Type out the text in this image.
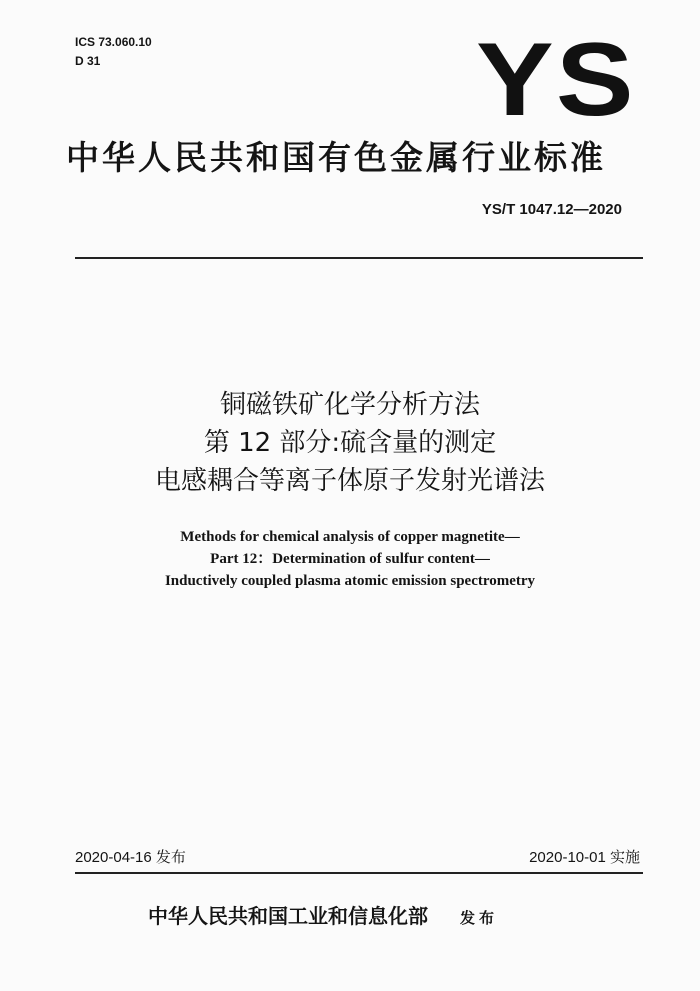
ICS 73.060.10
D 31	YS
中华人民共和国有色金属行业标准
YS/T 1047.12—2020
铜磁铁矿化学分析方法
第 12 部分:硫含量的测定
电感耦合等离子体原子发射光谱法
Methods for chemical analysis of copper magnetite—
Part 12：Determination of sulfur content—
Inductively coupled plasma atomic emission spectrometry
2020-04-16 发布	2020-10-01 实施
中华人民共和国工业和信息化部 发布
